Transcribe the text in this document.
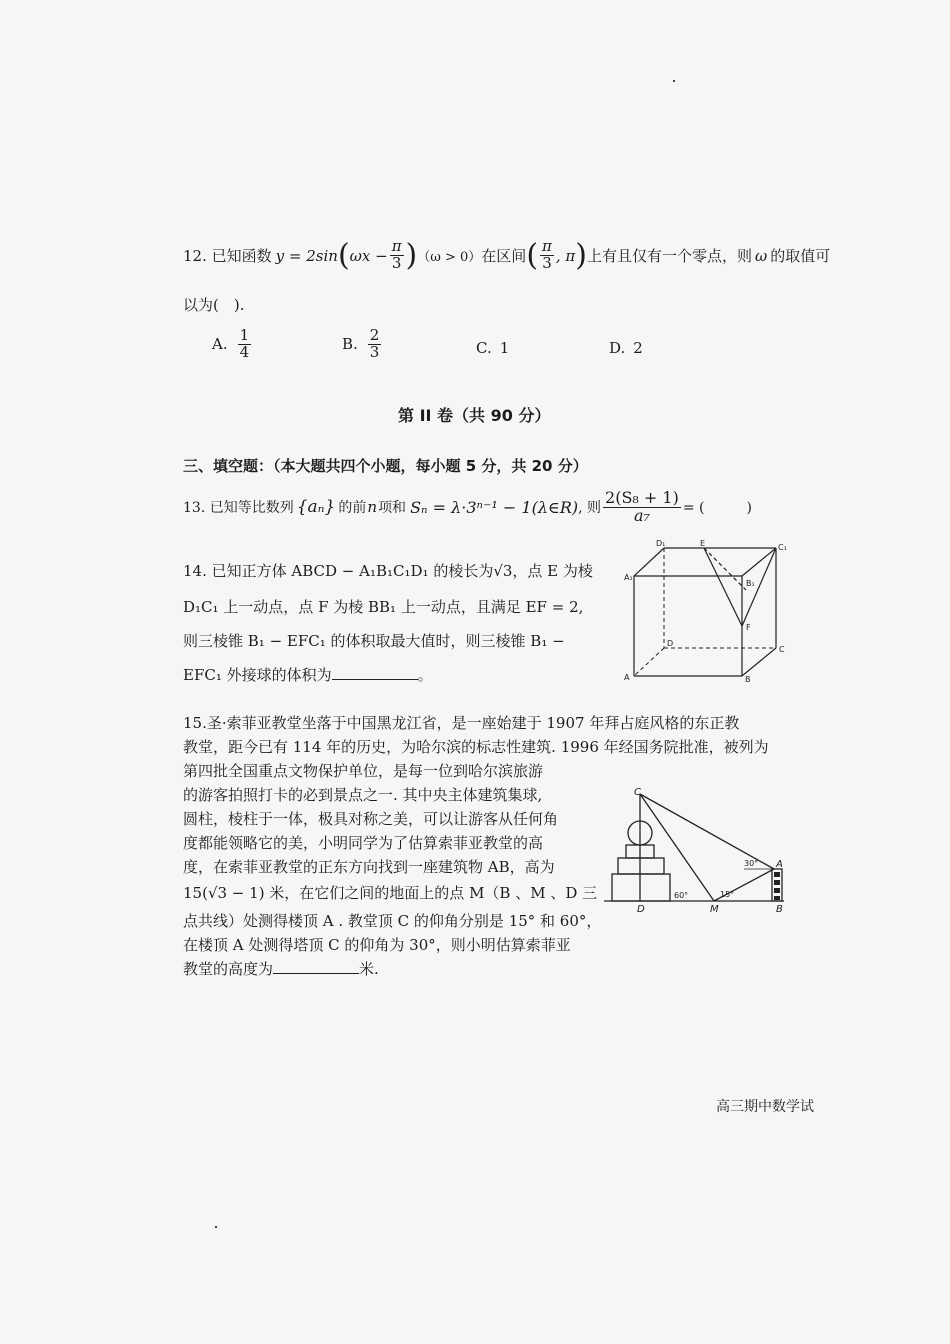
12.
已知函数 y = 2sin ( $\omega x - \frac{\pi}{3}$ ) （ω > 0） 在区间 ( $\frac{\pi}{3}$ , π ) 上有且仅有一个零点，则 ω 的取值可
以为(　).
A. $\frac{1}{4}$	B. $\frac{2}{3}$	C. 1	D. 2
第 II 卷（共 90 分）
三、填空题：（本大题共四个小题，每小题 5 分，共 20 分）
13. 已知等比数列 {aₙ} 的前 n 项和 Sₙ = λ·3ⁿ⁻¹ − 1(λ∈R) , 则 $\frac{\text{2(S₈ + 1)}}{\text{a₇}}$ = (　　　)
14. 已知正方体 ABCD − A₁B₁C₁D₁ 的棱长为√3，点 E 为棱
D₁C₁ 上一动点，点 F 为棱 BB₁ 上一动点，且满足 EF = 2,
则三棱锥 B₁ − EFC₁ 的体积取最大值时，则三棱锥 B₁ −
EFC₁ 外接球的体积为	。
D₁	E	C₁
A₁
B₁
F
D
C
A	B
15.圣·索菲亚教堂坐落于中国黑龙江省，是一座始建于 1907 年拜占庭风格的东正教
教堂，距今已有 114 年的历史，为哈尔滨的标志性建筑. 1996 年经国务院批准，被列为
第四批全国重点文物保护单位，是每一位到哈尔滨旅游
的游客拍照打卡的必到景点之一. 其中央主体建筑集球,
圆柱，棱柱于一体，极具对称之美，可以让游客从任何角
度都能领略它的美，小明同学为了估算索菲亚教堂的高
度，在索菲亚教堂的正东方向找到一座建筑物 AB，高为
15(√3 − 1) 米，在它们之间的地面上的点 M（B 、M 、D 三
点共线）处测得楼顶 A . 教堂顶 C 的仰角分别是 15° 和 60°，
在楼顶 A 处测得塔顶 C 的仰角为 30°，则小明估算索菲亚
教堂的高度为	米.
C
A
D	M	B
30°
60°	15°
高三期中数学试
